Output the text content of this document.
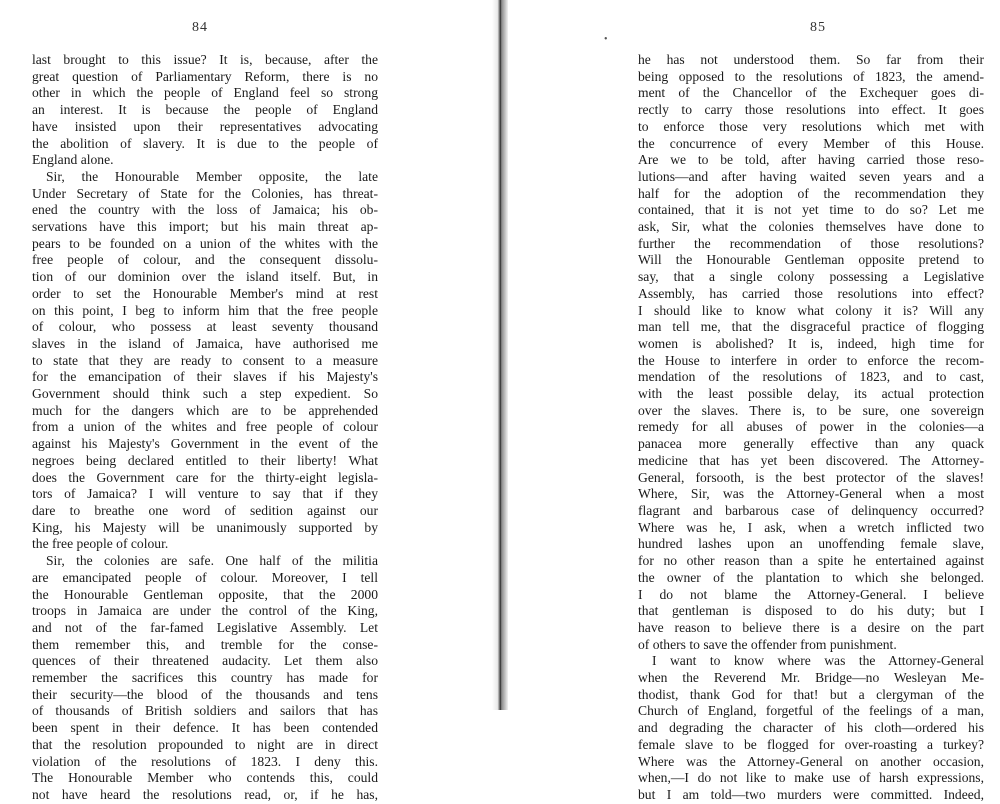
84
last brought to this issue? It is, because, after the
great question of Parliamentary Reform, there is no
other in which the people of England feel so strong
an interest. It is because the people of England
have insisted upon their representatives advocating
the abolition of slavery. It is due to the people of
England alone.
Sir, the Honourable Member opposite, the late
Under Secretary of State for the Colonies, has threat-
ened the country with the loss of Jamaica; his ob-
servations have this import; but his main threat ap-
pears to be founded on a union of the whites with the
free people of colour, and the consequent dissolu-
tion of our dominion over the island itself. But, in
order to set the Honourable Member's mind at rest
on this point, I beg to inform him that the free people
of colour, who possess at least seventy thousand
slaves in the island of Jamaica, have authorised me
to state that they are ready to consent to a measure
for the emancipation of their slaves if his Majesty's
Government should think such a step expedient. So
much for the dangers which are to be apprehended
from a union of the whites and free people of colour
against his Majesty's Government in the event of the
negroes being declared entitled to their liberty! What
does the Government care for the thirty-eight legisla-
tors of Jamaica? I will venture to say that if they
dare to breathe one word of sedition against our
King, his Majesty will be unanimously supported by
the free people of colour.
Sir, the colonies are safe. One half of the militia
are emancipated people of colour. Moreover, I tell
the Honourable Gentleman opposite, that the 2000
troops in Jamaica are under the control of the King,
and not of the far-famed Legislative Assembly. Let
them remember this, and tremble for the conse-
quences of their threatened audacity. Let them also
remember the sacrifices this country has made for
their security—the blood of the thousands and tens
of thousands of British soldiers and sailors that has
been spent in their defence. It has been contended
that the resolution propounded to night are in direct
violation of the resolutions of 1823. I deny this.
The Honourable Member who contends this, could
not have heard the resolutions read, or, if he has,
•
85
he has not understood them. So far from their
being opposed to the resolutions of 1823, the amend-
ment of the Chancellor of the Exchequer goes di-
rectly to carry those resolutions into effect. It goes
to enforce those very resolutions which met with
the concurrence of every Member of this House.
Are we to be told, after having carried those reso-
lutions—and after having waited seven years and a
half for the adoption of the recommendation they
contained, that it is not yet time to do so? Let me
ask, Sir, what the colonies themselves have done to
further the recommendation of those resolutions?
Will the Honourable Gentleman opposite pretend to
say, that a single colony possessing a Legislative
Assembly, has carried those resolutions into effect?
I should like to know what colony it is? Will any
man tell me, that the disgraceful practice of flogging
women is abolished? It is, indeed, high time for
the House to interfere in order to enforce the recom-
mendation of the resolutions of 1823, and to cast,
with the least possible delay, its actual protection
over the slaves. There is, to be sure, one sovereign
remedy for all abuses of power in the colonies—a
panacea more generally effective than any quack
medicine that has yet been discovered. The Attorney-
General, forsooth, is the best protector of the slaves!
Where, Sir, was the Attorney-General when a most
flagrant and barbarous case of delinquency occurred?
Where was he, I ask, when a wretch inflicted two
hundred lashes upon an unoffending female slave,
for no other reason than a spite he entertained against
the owner of the plantation to which she belonged.
I do not blame the Attorney-General. I believe
that gentleman is disposed to do his duty; but I
have reason to believe there is a desire on the part
of others to save the offender from punishment.
I want to know where was the Attorney-General
when the Reverend Mr. Bridge—no Wesleyan Me-
thodist, thank God for that! but a clergyman of the
Church of England, forgetful of the feelings of a man,
and degrading the character of his cloth—ordered his
female slave to be flogged for over-roasting a turkey?
Where was the Attorney-General on another occasion,
when,—I do not like to make use of harsh expressions,
but I am told—two murders were committed. Indeed,
